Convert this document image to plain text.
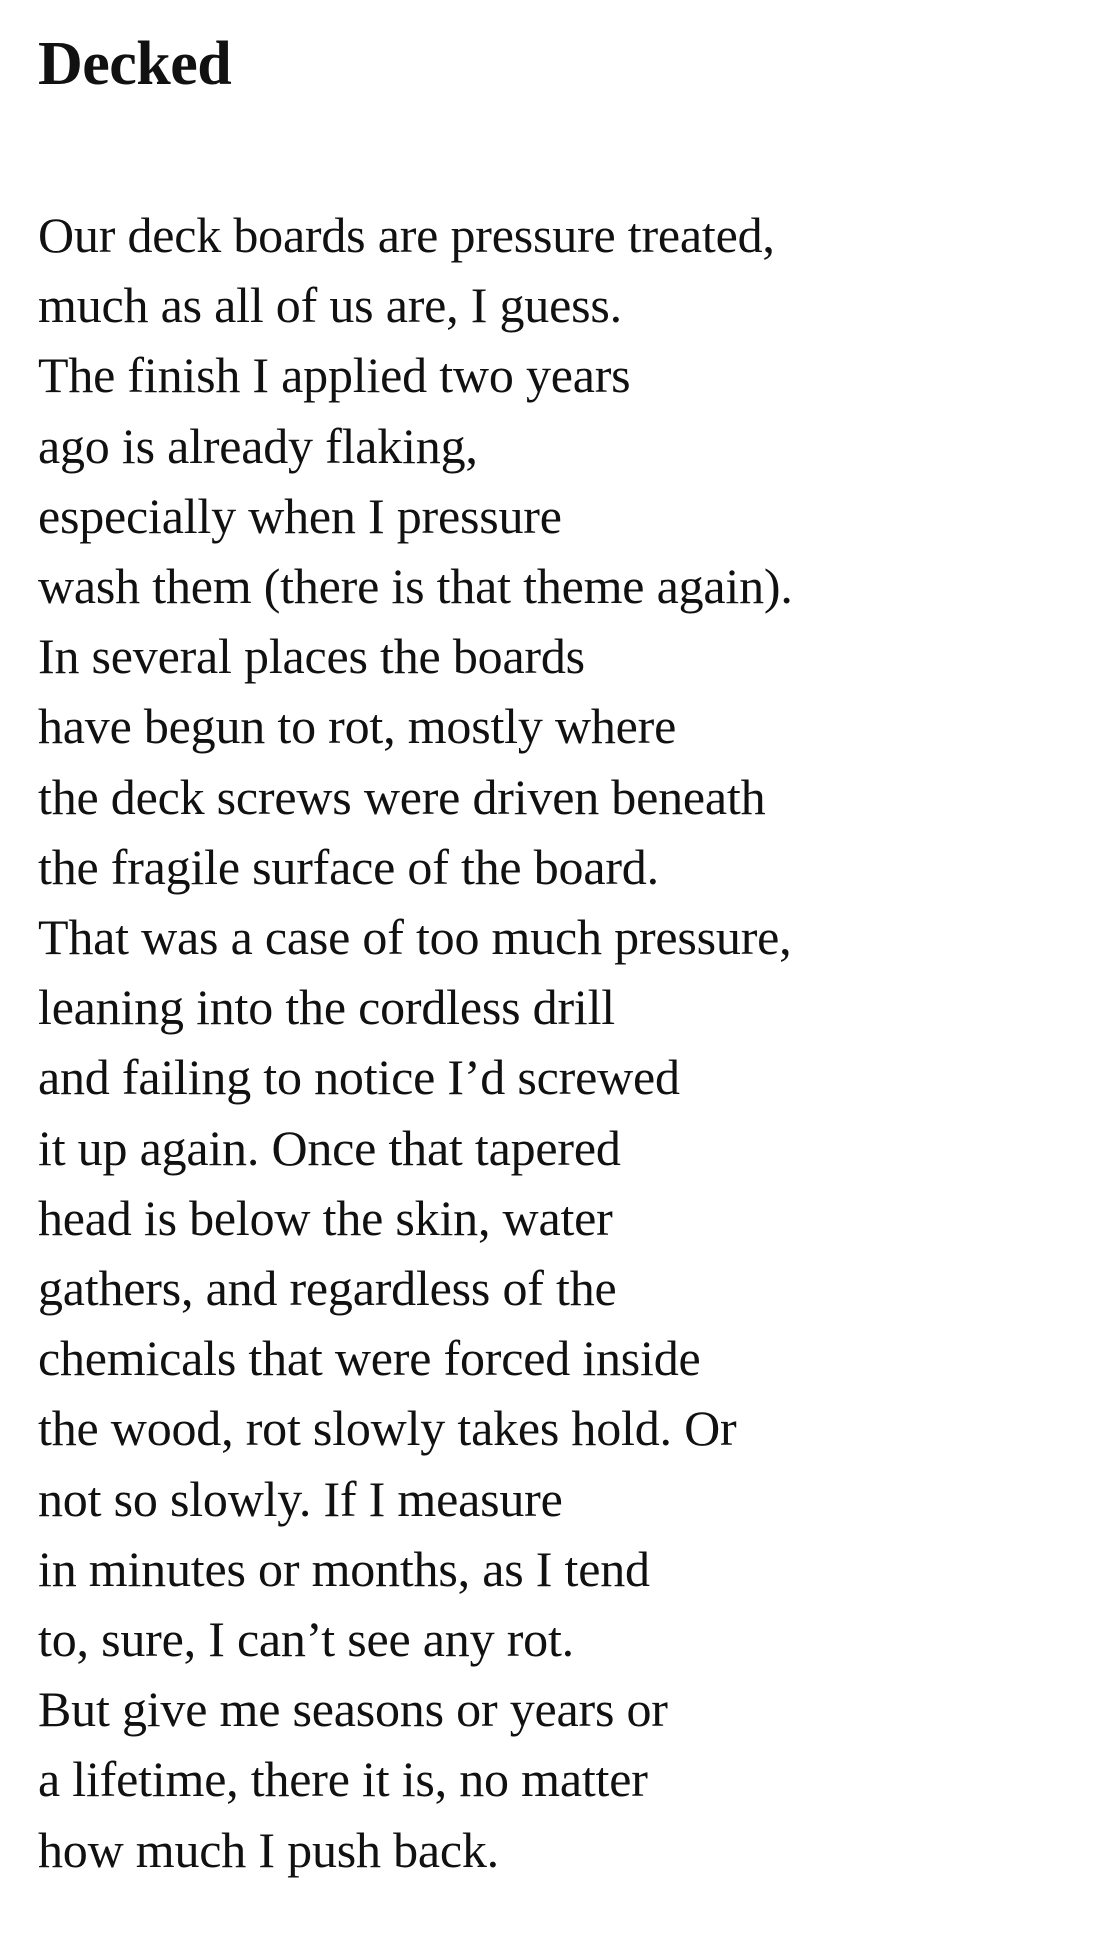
Decked

Our deck boards are pressure treated,

much as all of us are, I guess.

The finish I applied two years

ago is already flaking,

especially when I pressure

wash them (there is that theme again).

In several places the boards

have begun to rot, mostly where

the deck screws were driven beneath

the fragile surface of the board.

That was a case of too much pressure,

leaning into the cordless drill

and failing to notice I’d screwed

it up again. Once that tapered

head is below the skin, water

gathers, and regardless of the

chemicals that were forced inside

the wood, rot slowly takes hold. Or

not so slowly. If I measure

in minutes or months, as I tend

to, sure, I can’t see any rot.

But give me seasons or years or

a lifetime, there it is, no matter

how much I push back.
